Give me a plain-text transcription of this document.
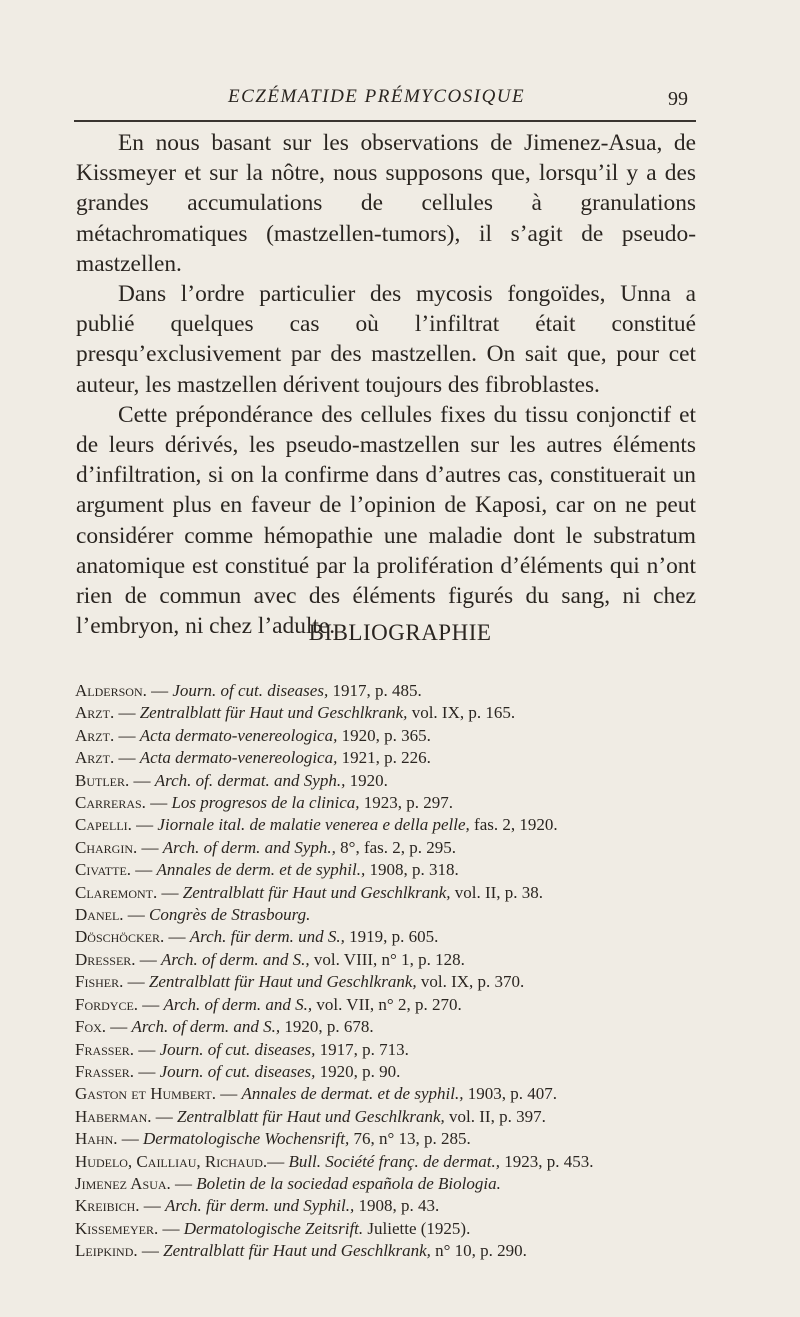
ECZÉMATIDE PRÉMYCOSIQUE	99

En nous basant sur les observations de Jimenez-Asua, de Kissmeyer et sur la nôtre, nous supposons que, lorsqu’il y a des grandes accumulations de cellules à granulations métachromatiques (mastzellen-tumors), il s’agit de pseudo-mastzellen.

Dans l’ordre particulier des mycosis fongoïdes, Unna a publié quelques cas où l’infiltrat était constitué presqu’exclusivement par des mastzellen. On sait que, pour cet auteur, les mastzellen dérivent toujours des fibroblastes.

Cette prépondérance des cellules fixes du tissu conjonctif et de leurs dérivés, les pseudo-mastzellen sur les autres éléments d’infiltration, si on la confirme dans d’autres cas, constituerait un argument plus en faveur de l’opinion de Kaposi, car on ne peut considérer comme hémopathie une maladie dont le substratum anatomique est constitué par la prolifération d’éléments qui n’ont rien de commun avec des éléments figurés du sang, ni chez l’embryon, ni chez l’adulte.

BIBLIOGRAPHIE
Alderson. — Journ. of cut. diseases, 1917, p. 485.
Arzt. — Zentralblatt für Haut und Geschlkrank, vol. IX, p. 165.
Arzt. — Acta dermato-venereologica, 1920, p. 365.
Arzt. — Acta dermato-venereologica, 1921, p. 226.
Butler. — Arch. of. dermat. and Syph., 1920.
Carreras. — Los progresos de la clinica, 1923, p. 297.
Capelli. — Jiornale ital. de malatie venerea e della pelle, fas. 2, 1920.
Chargin. — Arch. of derm. and Syph., 8°, fas. 2, p. 295.
Civatte. — Annales de derm. et de syphil., 1908, p. 318.
Claremont. — Zentralblatt für Haut und Geschlkrank, vol. II, p. 38.
Danel. — Congrès de Strasbourg.
Döschöcker. — Arch. für derm. und S., 1919, p. 605.
Dresser. — Arch. of derm. and S., vol. VIII, n° 1, p. 128.
Fisher. — Zentralblatt für Haut und Geschlkrank, vol. IX, p. 370.
Fordyce. — Arch. of derm. and S., vol. VII, n° 2, p. 270.
Fox. — Arch. of derm. and S., 1920, p. 678.
Frasser. — Journ. of cut. diseases, 1917, p. 713.
Frasser. — Journ. of cut. diseases, 1920, p. 90.
Gaston et Humbert. — Annales de dermat. et de syphil., 1903, p. 407.
Haberman. — Zentralblatt für Haut und Geschlkrank, vol. II, p. 397.
Hahn. — Dermatologische Wochensrift, 76, n° 13, p. 285.
Hudelo, Cailliau, Richaud.— Bull. Société franç. de dermat., 1923, p. 453.
Jimenez Asua. — Boletin de la sociedad española de Biologia.
Kreibich. — Arch. für derm. und Syphil., 1908, p. 43.
Kissemeyer. — Dermatologische Zeitsrift. Juliette (1925).
Leipkind. — Zentralblatt für Haut und Geschlkrank, n° 10, p. 290.
